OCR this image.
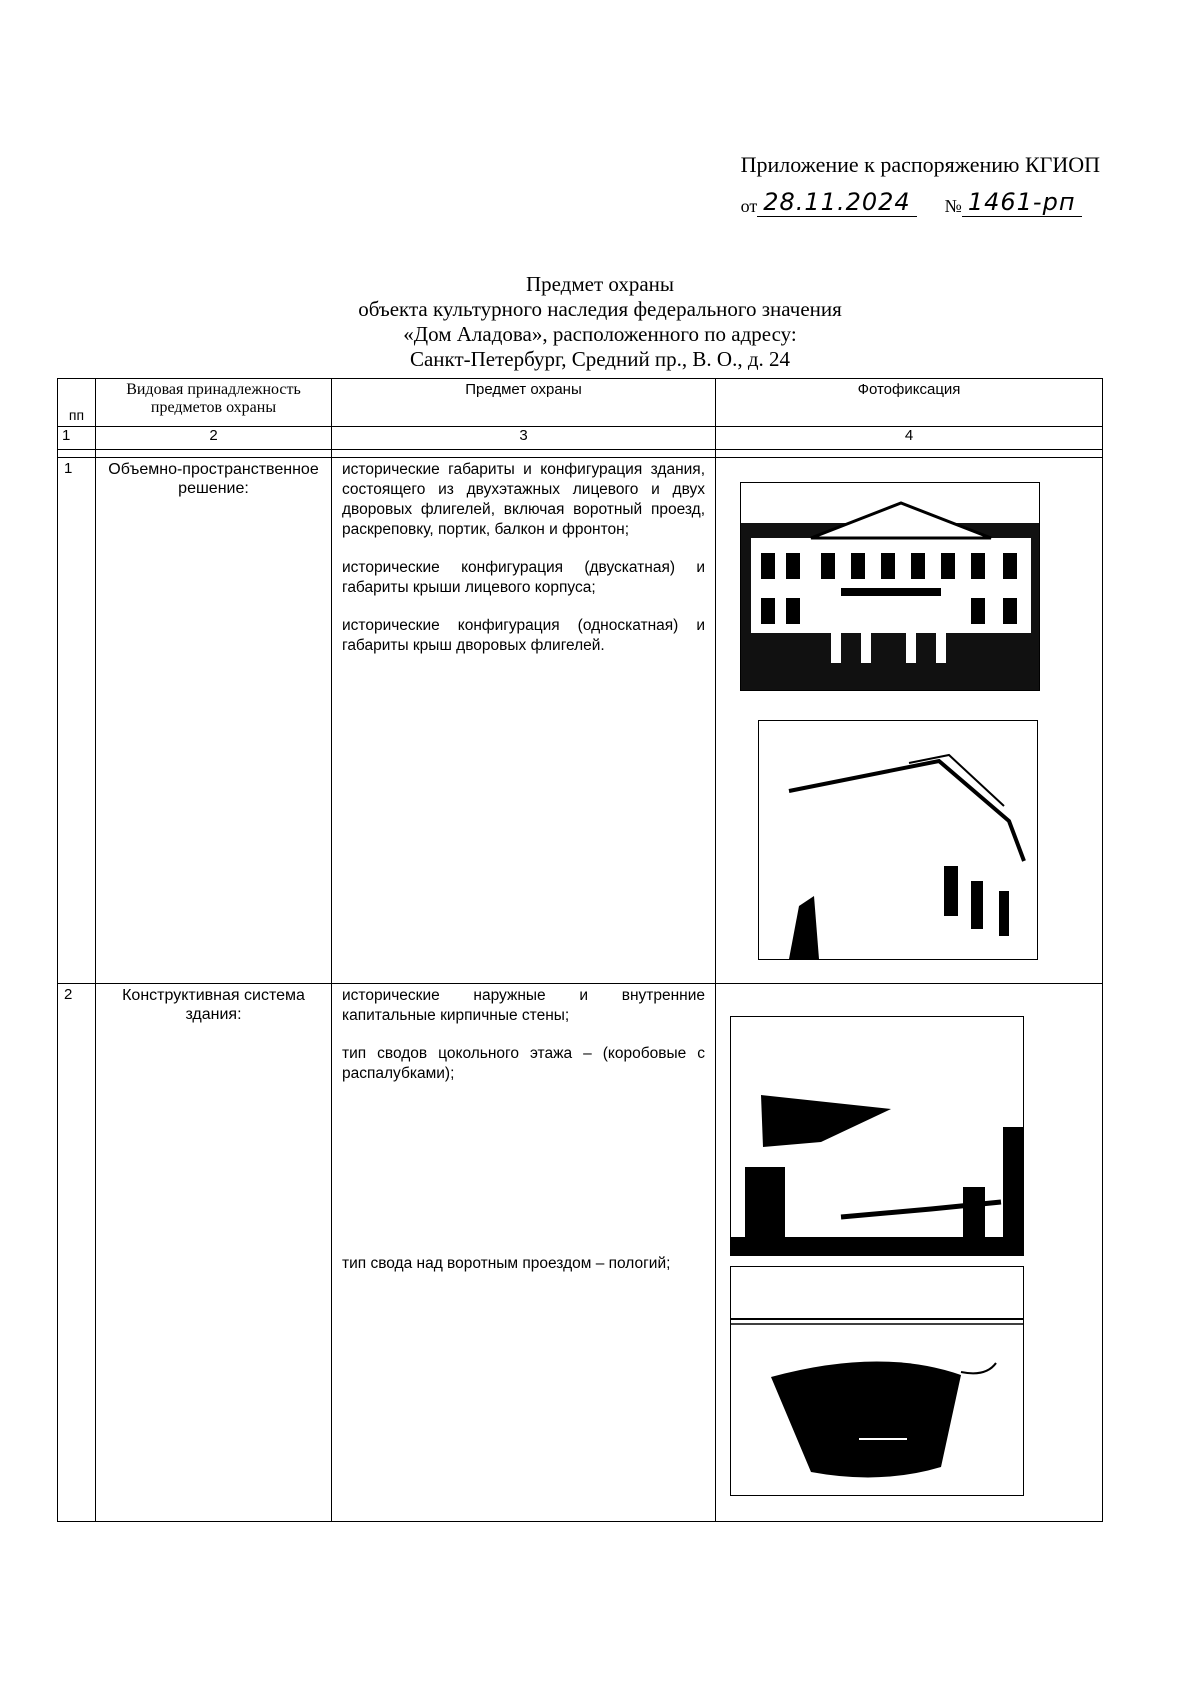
Приложение к распоряжению КГИОП
от 28.11.2024	№ 1461-рп
Предмет охраны
объекта культурного наследия федерального значения
«Дом Аладова», расположенного по адресу:
Санкт-Петербург, Средний пр., В. О., д. 24
пп	Видовая принадлежность предметов охраны	Предмет охраны	Фотофиксация
1	2	3	4

1	Объемно-пространственное решение:	исторические габариты и конфигурация здания, состоящего из двухэтажных лицевого и двух дворовых флигелей, включая воротный проезд, раскреповку, портик, балкон и фронтон;

исторические конфигурация (двускатная) и габариты крыши лицевого корпуса;

исторические конфигурация (односкатная) и габариты крыш дворовых флигелей.

2	Конструктивная система здания:	исторические наружные и внутренние капитальные кирпичные стены;

тип сводов цокольного этажа – (коробовые с распалубками);

тип свода над воротным проездом – пологий;
